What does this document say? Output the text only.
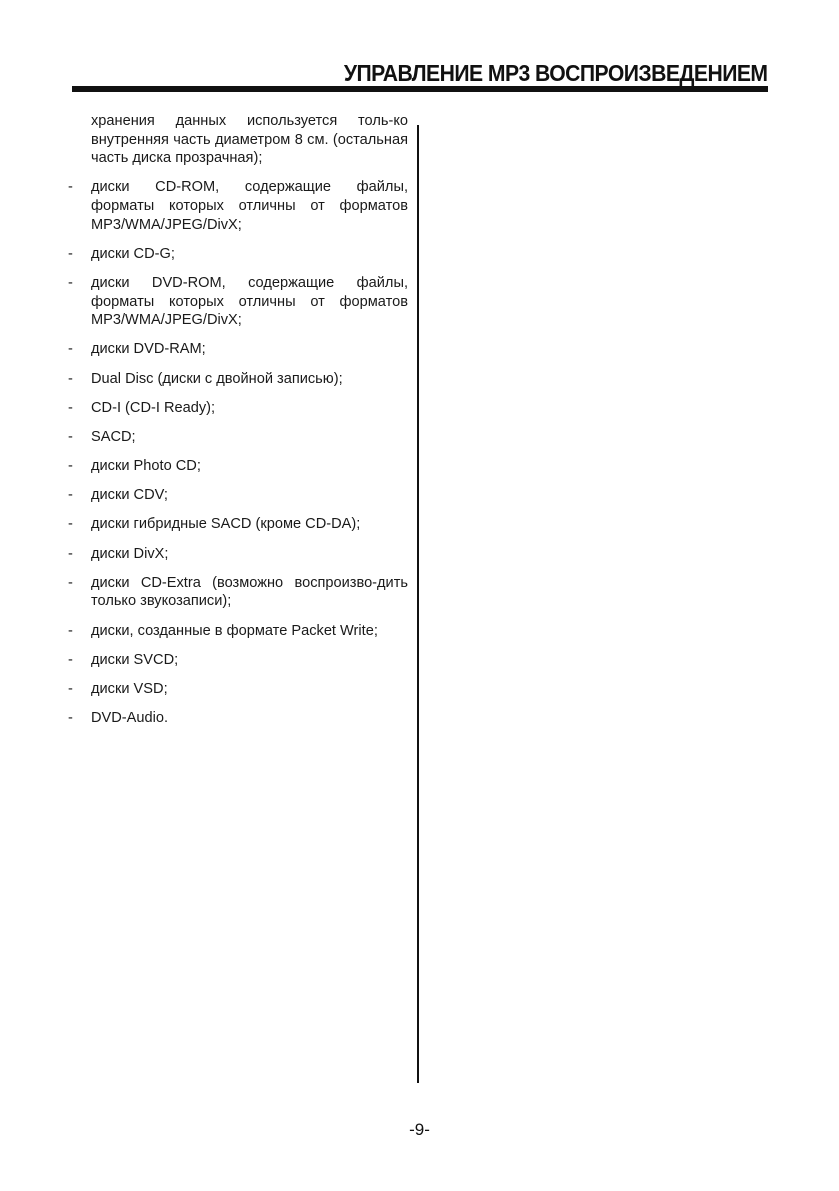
УПРАВЛЕНИЕ MP3 ВОСПРОИЗВЕДЕНИЕМ
хранения данных используется толь-ко внутренняя часть диаметром 8 см. (остальная часть диска прозрачная);
-	диски CD-ROM, содержащие файлы, форматы которых отличны от форматов MP3/WMA/JPEG/DivX;
-	диски CD-G;
-	диски DVD-ROM, содержащие файлы, форматы которых отличны от форматов MP3/WMA/JPEG/DivX;
-	диски DVD-RAM;
-	Dual Disc (диски с двойной записью);
-	CD-I (CD-I Ready);
-	SACD;
-	диски Photo CD;
-	диски CDV;
-	диски гибридные SACD (кроме CD-DA);
-	диски DivX;
-	диски CD-Extra (возможно воспроизво-дить только звукозаписи);
-	диски, созданные в формате Packet Write;
-	диски SVCD;
-	диски VSD;
-	DVD-Audio.
-9-
